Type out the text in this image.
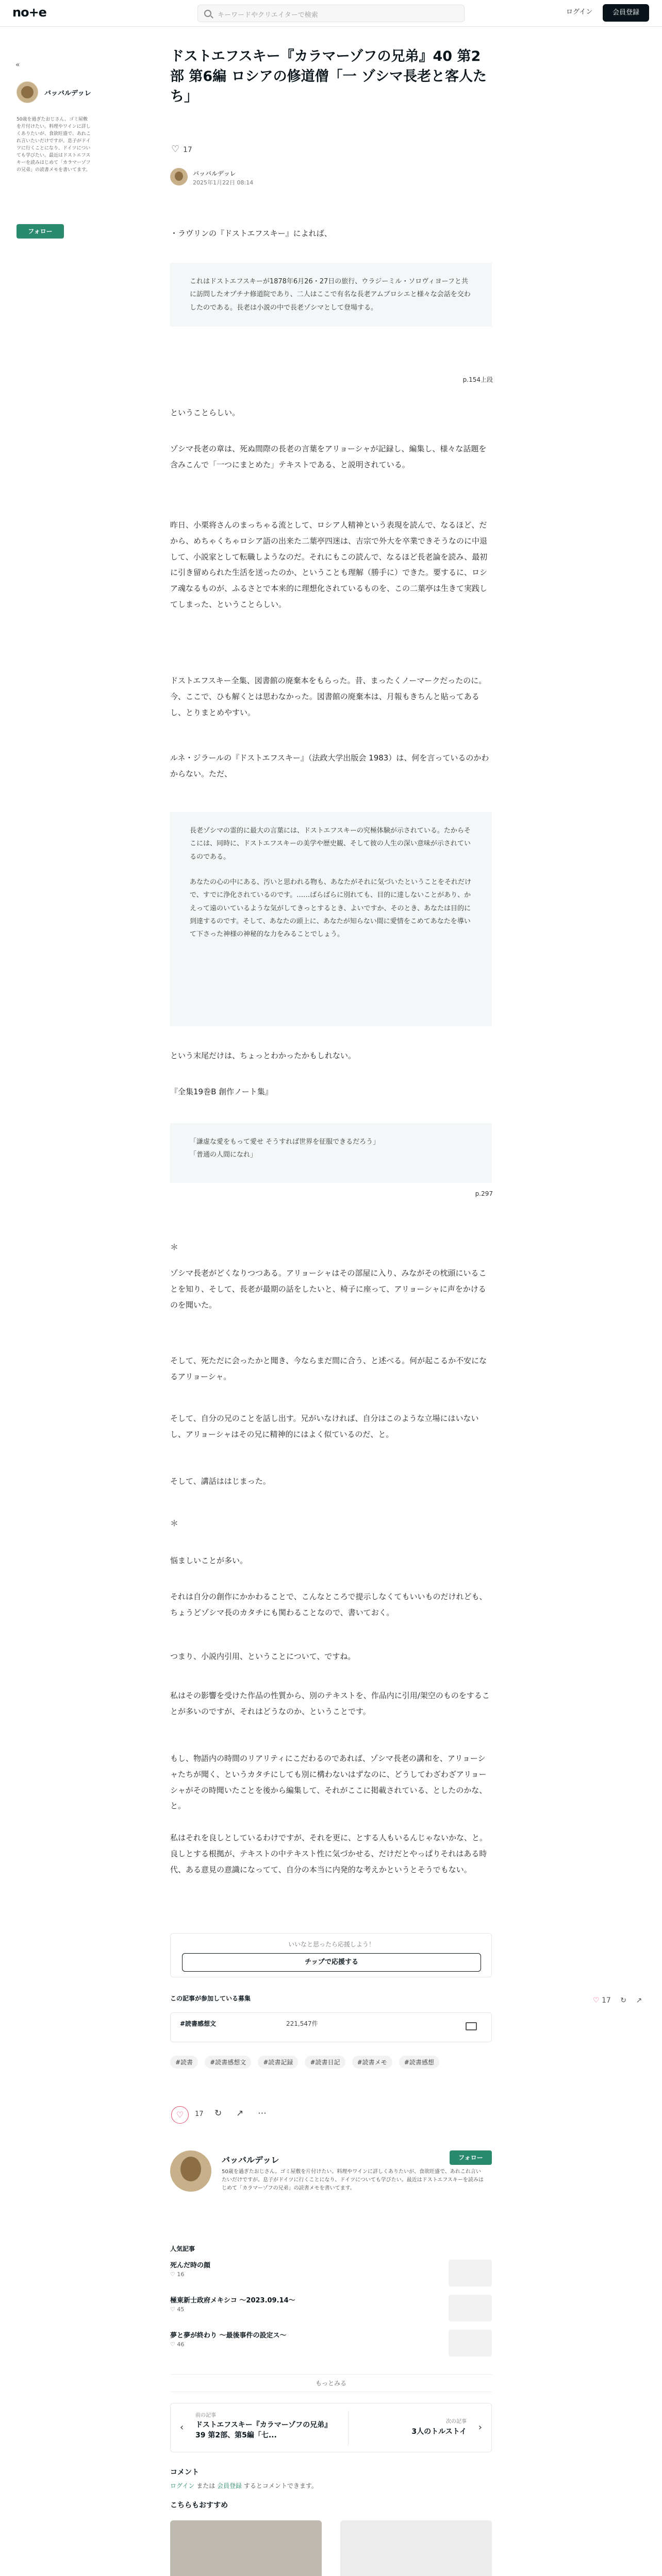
no+e	キーワードやクリエイターで検索	ログイン	会員登録
«
バッバルデッレ
50歳を過ぎたおじさん。ゴミ屋敷を片付けたい。料理やワインに詳しくありたいが、食欲旺盛で、あれこれ言いたいだけですが。息子がドイツに行くことになり、ドイツについても学びたい。最近はドストエフスキーを読みはじめて「カラマーゾフの兄弟」の読書メモを書いてます。
フォロー
ドストエフスキー『カラマーゾフの兄弟』40 第2部 第6編 ロシアの修道僧「一 ゾシマ長老と客人たち」
♡17
バッバルデッレ
2025年1月22日 08:14
・ラヴリンの『ドストエフスキー』によれば、
これはドストエフスキーが1878年6月26・27日の旅行、ウラジーミル・ソロヴィヨーフと共に訪問したオプチナ修道院であり、二人はここで有名な長老アムブロシエと様々な会話を交わしたのである。長老は小説の中で長老ゾシマとして登場する。
p.154上段
ということらしい。
ゾシマ長老の章は、死ぬ間際の長老の言葉をアリョーシャが記録し、編集し、様々な話題を含みこんで「一つにまとめた」テキストである、と説明されている。
昨日、小栗将さんのまっちゃる流として、ロシア人精神という表現を読んで、なるほど、だから、めちゃくちゃロシア語の出来た二葉亭四迷は、吉宗で外大を卒業できそうなのに中退して、小説家として転職しようなのだ。それにもこの読んで、なるほど長老論を読み、最初に引き留められた生活を送ったのか、ということも理解（勝手に）できた。要するに、ロシア魂なるものが、ふるさとで本来的に理想化されているものを、この二葉亭は生きて実践してしまった、ということらしい。
ドストエフスキー全集、図書館の廃棄本をもらった。昔、まったくノーマークだったのに。今、ここで、ひも解くとは思わなかった。図書館の廃棄本は、月報もきちんと貼ってあるし、とりまとめやすい。
ルネ・ジラールの『ドストエフスキー』（法政大学出版会 1983）は、何を言っているのかわからない。ただ、

長老ゾシマの霊的に最大の言葉には、ドストエフスキーの究極体験が示されている。たからそこには、同時に、ドストエフスキーの美学や歴史観、そして彼の人生の深い意味が示されているのである。

あなたの心の中にある、汚いと思われる物も、あなたがそれに気づいたということをそれだけで、すでに浄化されているのです。……ばらばらに別れても、目的に達しないことがあり、かえって遠のいているような気がしてきっとするとき、よいですか、そのとき、あなたは目的に到達するのです。そして、あなたの頭上に、あなたが知らない間に愛情をこめてあなたを導いて下さった神様の神秘的な力をみることでしょう。

という末尾だけは、ちょっとわかったかもしれない。
『全集19巻B 創作ノート集』

「謙虚な愛をもって愛せ そうすれば世界を征服できるだろう」

「普通の人間になれ」

p.297
＊
ゾシマ長老がどくなりつつある。アリョーシャはその部屋に入り、みながその枕頭にいることを知り、そして、長老が最期の話をしたいと、椅子に座って、アリョーシャに声をかけるのを聞いた。
そして、死ただに会ったかと聞き、今ならまだ間に合う、と述べる。何が起こるか不安になるアリョーシャ。
そして、自分の兄のことを話し出す。兄がいなければ、自分はこのような立場にはいないし、アリョーシャはその兄に精神的にはよく似ているのだ、と。
そして、講話ははじまった。
＊
悩ましいことが多い。
それは自分の創作にかかわることで、こんなところで提示しなくてもいいものだけれども、ちょうどゾシマ長のカタチにも関わることなので、書いておく。
つまり、小説内引用、ということについて、ですね。
私はその影響を受けた作品の性質から、別のテキストを、作品内に引用/架空のものをすることが多いのですが、それはどうなのか、ということです。
もし、物語内の時間のリアリティにこだわるのであれば、ゾシマ長老の講和を、アリョーシャたちが聞く、というカタチにしても別に構わないはずなのに、どうしてわざわざアリョーシャがその時聞いたことを後から編集して、それがここに掲載されている、としたのかな、と。
私はそれを良しとしているわけですが、それを更に、とする人もいるんじゃないかな、と。良しとする根拠が、テキストの中テキスト性に気づかせる、だけだとやっぱりそれはある時代、ある意見の意識になってて、自分の本当に内発的な考えかというとそうでもない。
いいなと思ったら応援しよう！
チップで応援する
この記事が参加している募集
#読書感想文	221,547件
#読書	#読書感想文	#読書記録	#読書日記	#読書メモ	#読書感想
♡	17 ↻ ↗ ⋯
バッバルデッレ
50歳を過ぎたおじさん。ゴミ屋敷を片付けたい。料理やワインに詳しくありたいが、食欲旺盛で、あれこれ言いたいだけですが。息子がドイツに行くことになり、ドイツについても学びたい。最近はドストエフスキーを読みはじめて「カラマーゾフの兄弟」の読書メモを書いてます。
フォロー
人気記事
死んだ時の顔
♡ 16
極東新士政府メキシコ ～2023.09.14～
♡ 45
夢と夢が終わり ～最後事件の設定ス～
♡ 46
もっとみる
‹
前の記事
ドストエフスキー『カラマーゾフの兄弟』39 第2部、第5編「七...
次の記事
3人のトルストイ ›
コメント
ログイン または 会員登録 するとコメントできます。
こちらもおすすめ
♡ 17 ↻ ↗
